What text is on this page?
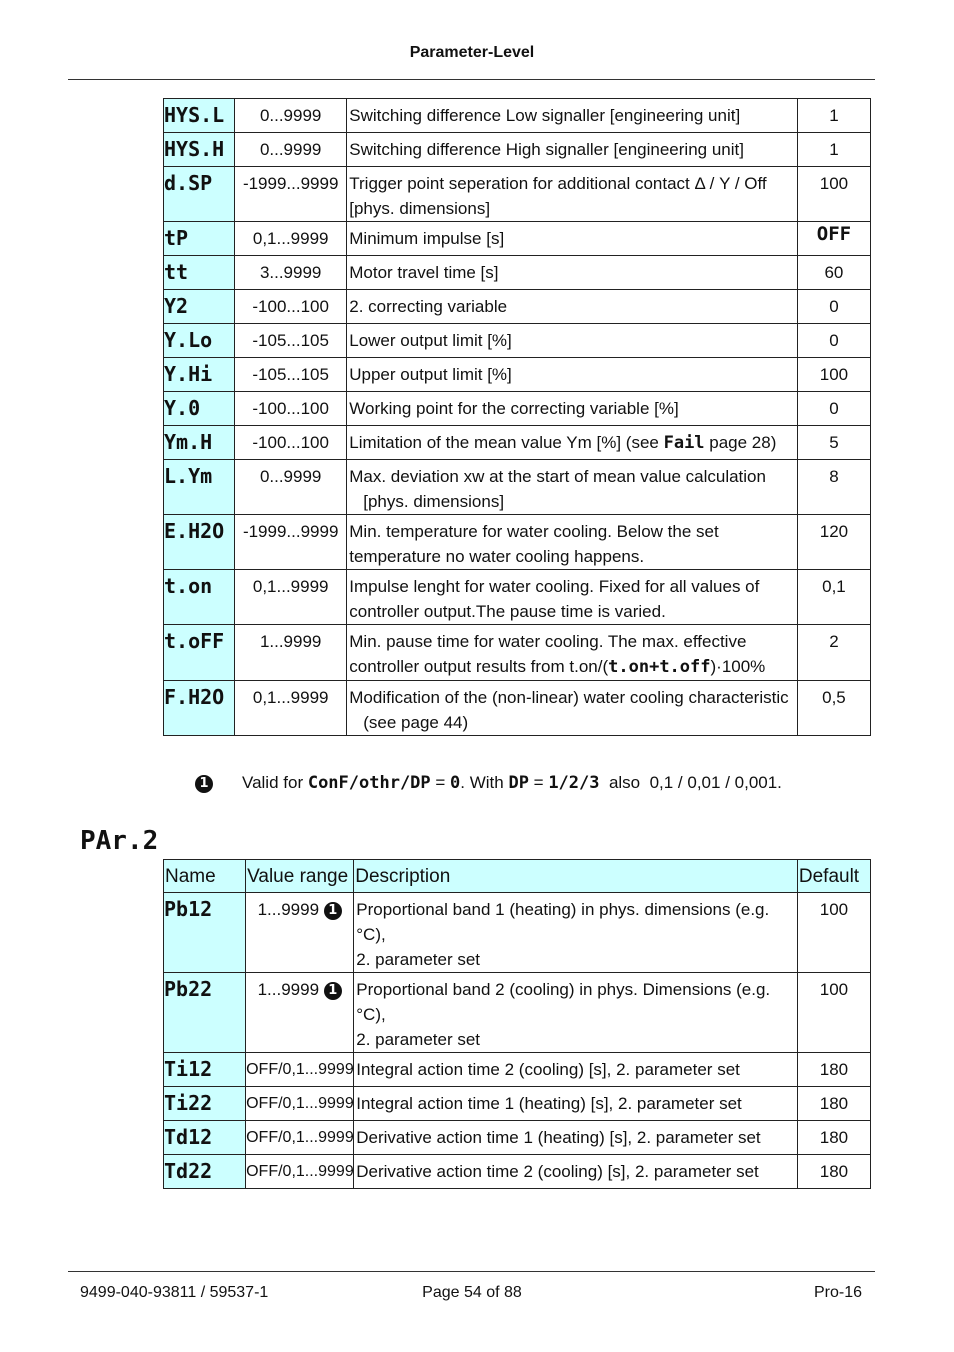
Parameter-Level
HYS.L	0...9999	Switching difference Low signaller [engineering unit]	1
HYS.H	0...9999	Switching difference High signaller [engineering unit]	1
d.SP	-1999...9999	Trigger point seperation for additional contact Δ / Y / Off
[phys. dimensions]	100
tP	0,1...9999	Minimum impulse [s]	OFF
tt	3...9999	Motor travel time [s]	60
Y2	-100...100	2. correcting variable	0
Y.Lo	-105...105	Lower output limit [%]	0
Y.Hi	-105...105	Upper output limit [%]	100
Y.0	-100...100	Working point for the correcting variable [%]	0
Ym.H	-100...100	Limitation of the mean value Ym [%] (see Fail page 28)	5
L.Ym	0...9999	Max. deviation xw at the start of mean value calculation
[phys. dimensions]	8
E.H2O	-1999...9999	Min. temperature for water cooling. Below the set
temperature no water cooling happens.	120
t.on	0,1...9999	Impulse lenght for water cooling. Fixed for all values of
controller output.The pause time is varied.	0,1
t.oFF	1...9999	Min. pause time for water cooling. The max. effective
controller output results from t.on/(t.on+t.off)·100%	2
F.H2O	0,1...9999	Modification of the (non-linear) water cooling characteristic
(see page 44)	0,5
1 Valid for ConF/othr/DP = 0. With DP = 1/2/3  also  0,1 / 0,01 / 0,001.
PAr.2
Name	Value range	Description	Default
Pb12	1...9999 1	Proportional band 1 (heating) in phys. dimensions (e.g. °C),
2. parameter set	100
Pb22	1...9999 1	Proportional band 2 (cooling) in phys. Dimensions (e.g. °C),
2. parameter set	100
Ti12	OFF/0,1...9999	Integral action time 2 (cooling) [s], 2. parameter set	180
Ti22	OFF/0,1...9999	Integral action time 1 (heating) [s], 2. parameter set	180
Td12	OFF/0,1...9999	Derivative action time 1 (heating) [s], 2. parameter set	180
Td22	OFF/0,1...9999	Derivative action time 2 (cooling) [s], 2. parameter set	180
9499-040-93811 / 59537-1	Page 54 of 88	Pro-16
